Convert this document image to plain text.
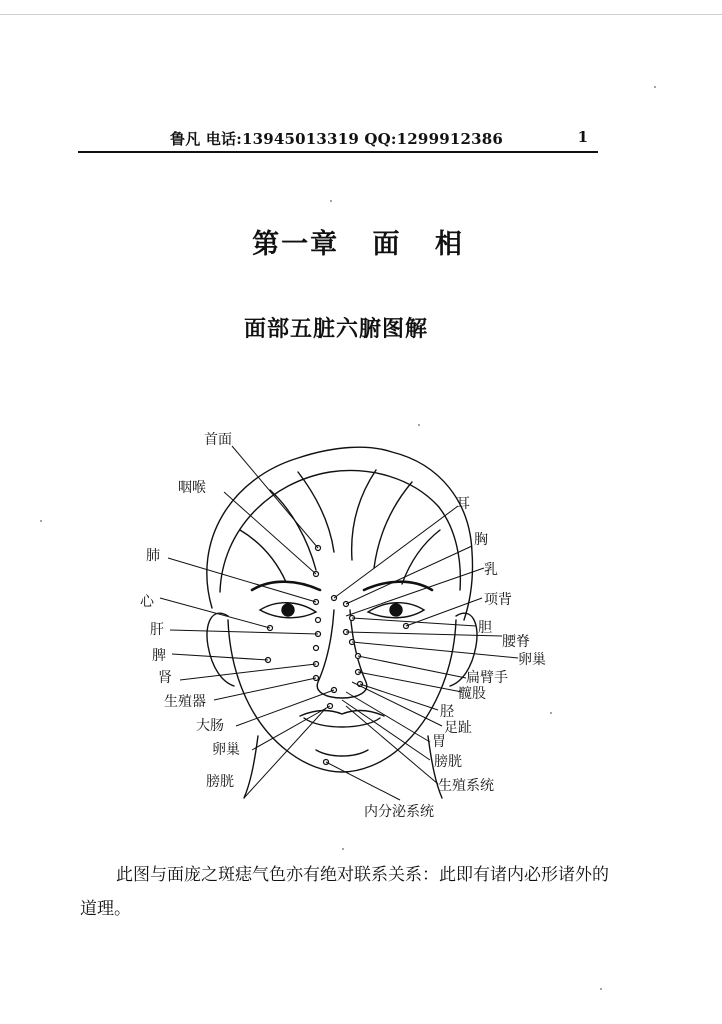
鲁凡 电话:13945013319 QQ:1299912386	1
第一章 面 相
面部五脏六腑图解
首面
咽喉
肺
心
肝
脾
肾
生殖器
大肠
卵巢
膀胱
耳
胸
乳
项背
胆
腰脊
卵巢
扁臂手
髋股
胫
足趾
胃
膀胱
生殖系统
内分泌系统

此图与面庞之斑痣气色亦有绝对联系关系：此即有诸内必形诸外的道理。
